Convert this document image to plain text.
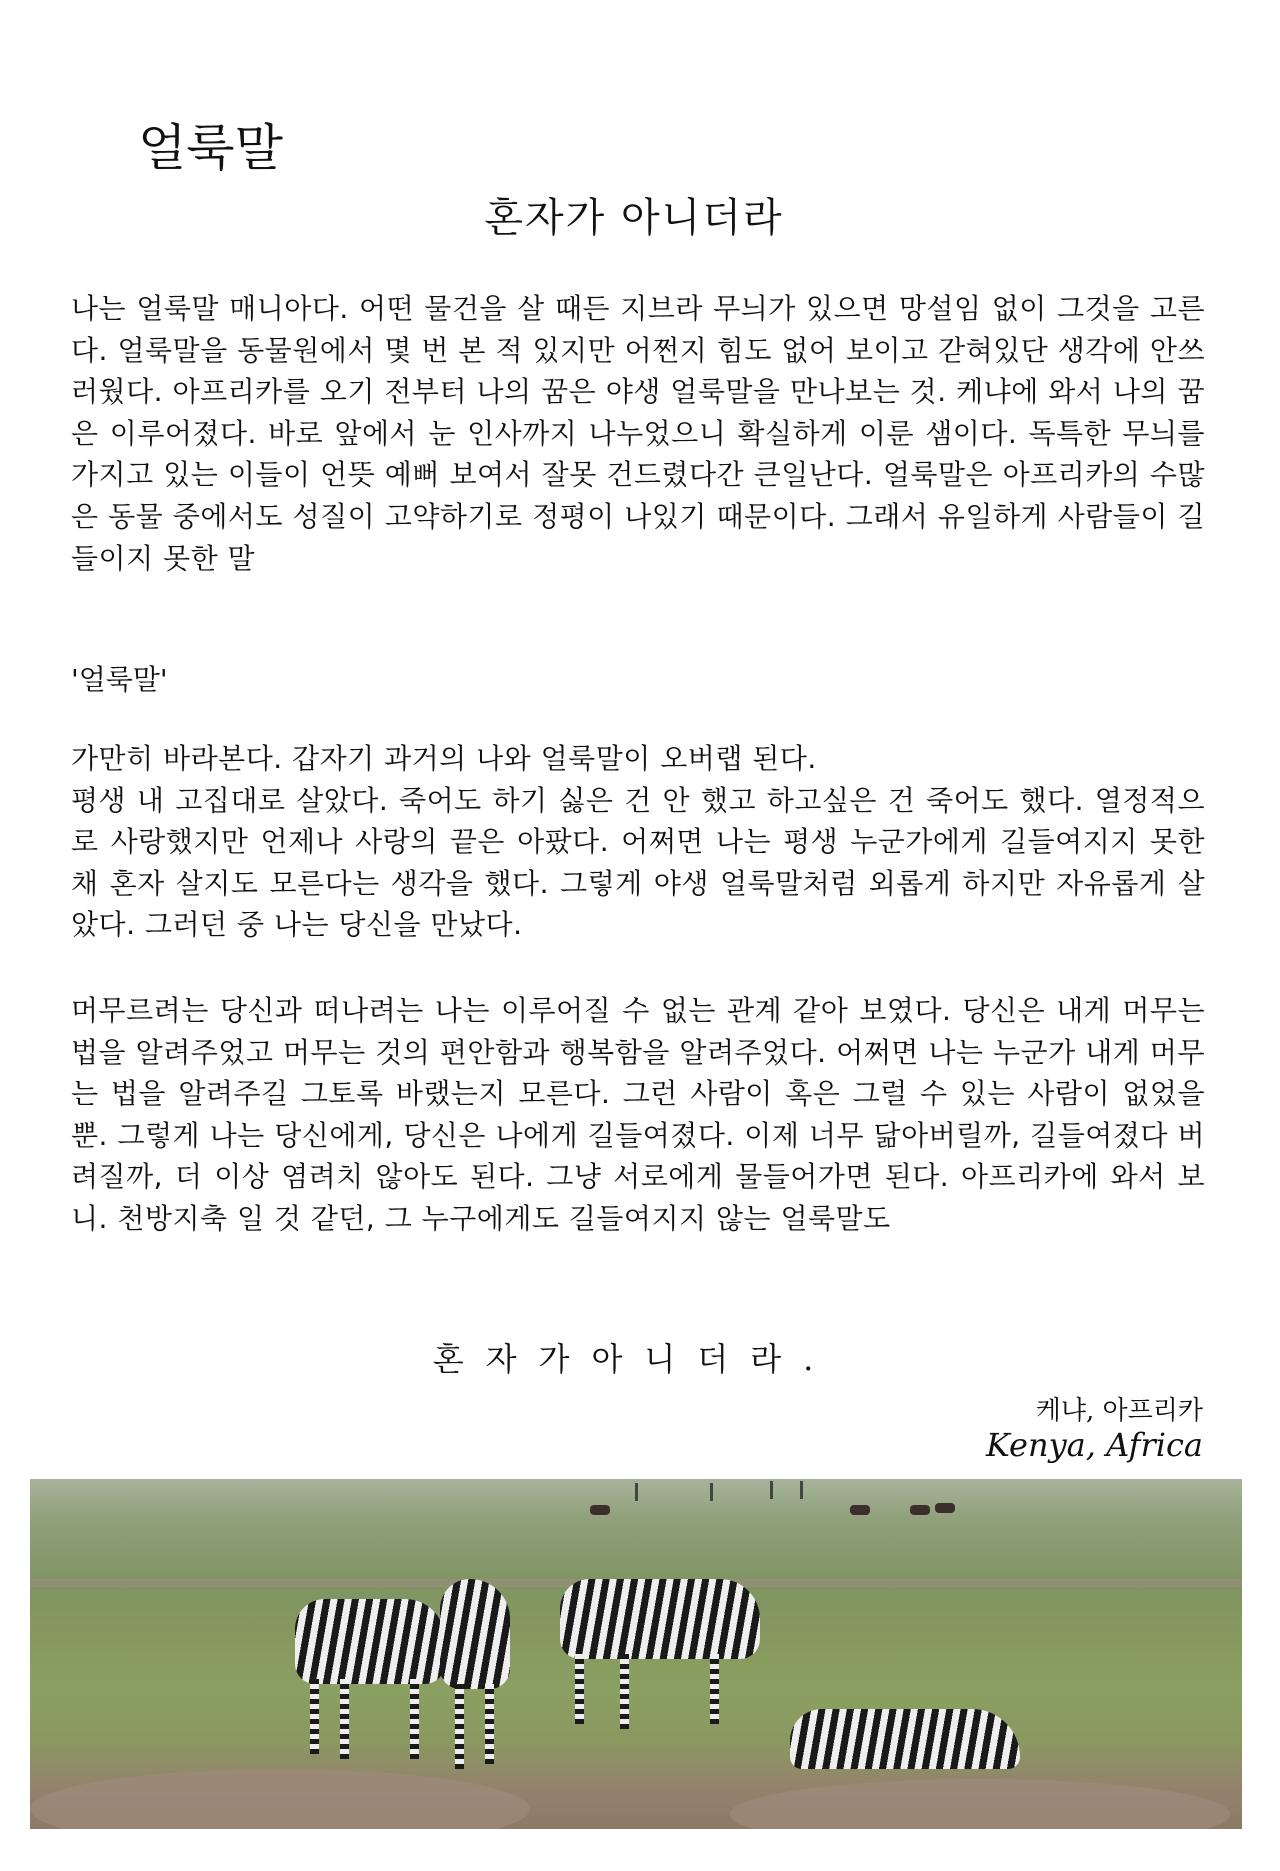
얼룩말
혼자가 아니더라
나는 얼룩말 매니아다. 어떤 물건을 살 때든 지브라 무늬가 있으면 망설임 없이 그것을 고른다. 얼룩말을 동물원에서 몇 번 본 적 있지만 어쩐지 힘도 없어 보이고 갇혀있단 생각에 안쓰러웠다. 아프리카를 오기 전부터 나의 꿈은 야생 얼룩말을 만나보는 것. 케냐에 와서 나의 꿈은 이루어졌다. 바로 앞에서 눈 인사까지 나누었으니 확실하게 이룬 샘이다. 독특한 무늬를 가지고 있는 이들이 언뜻 예뻐 보여서 잘못 건드렸다간 큰일난다. 얼룩말은 아프리카의 수많은 동물 중에서도 성질이 고약하기로 정평이 나있기 때문이다. 그래서 유일하게 사람들이 길들이지 못한 말
'얼룩말'
가만히 바라본다. 갑자기 과거의 나와 얼룩말이 오버랩 된다.
평생 내 고집대로 살았다. 죽어도 하기 싫은 건 안 했고 하고싶은 건 죽어도 했다. 열정적으로 사랑했지만 언제나 사랑의 끝은 아팠다. 어쩌면 나는 평생 누군가에게 길들여지지 못한 채 혼자 살지도 모른다는 생각을 했다. 그렇게 야생 얼룩말처럼 외롭게 하지만 자유롭게 살았다. 그러던 중 나는 당신을 만났다.
머무르려는 당신과 떠나려는 나는 이루어질 수 없는 관계 같아 보였다. 당신은 내게 머무는 법을 알려주었고 머무는 것의 편안함과 행복함을 알려주었다. 어쩌면 나는 누군가 내게 머무는 법을 알려주길 그토록 바랬는지 모른다. 그런 사람이 혹은 그럴 수 있는 사람이 없었을 뿐. 그렇게 나는 당신에게, 당신은 나에게 길들여졌다. 이제 너무 닮아버릴까, 길들여졌다 버려질까, 더 이상 염려치 않아도 된다. 그냥 서로에게 물들어가면 된다. 아프리카에 와서 보니. 천방지축 일 것 같던, 그 누구에게도 길들여지지 않는 얼룩말도
혼자가아니더라.
케냐, 아프리카
Kenya, Africa
